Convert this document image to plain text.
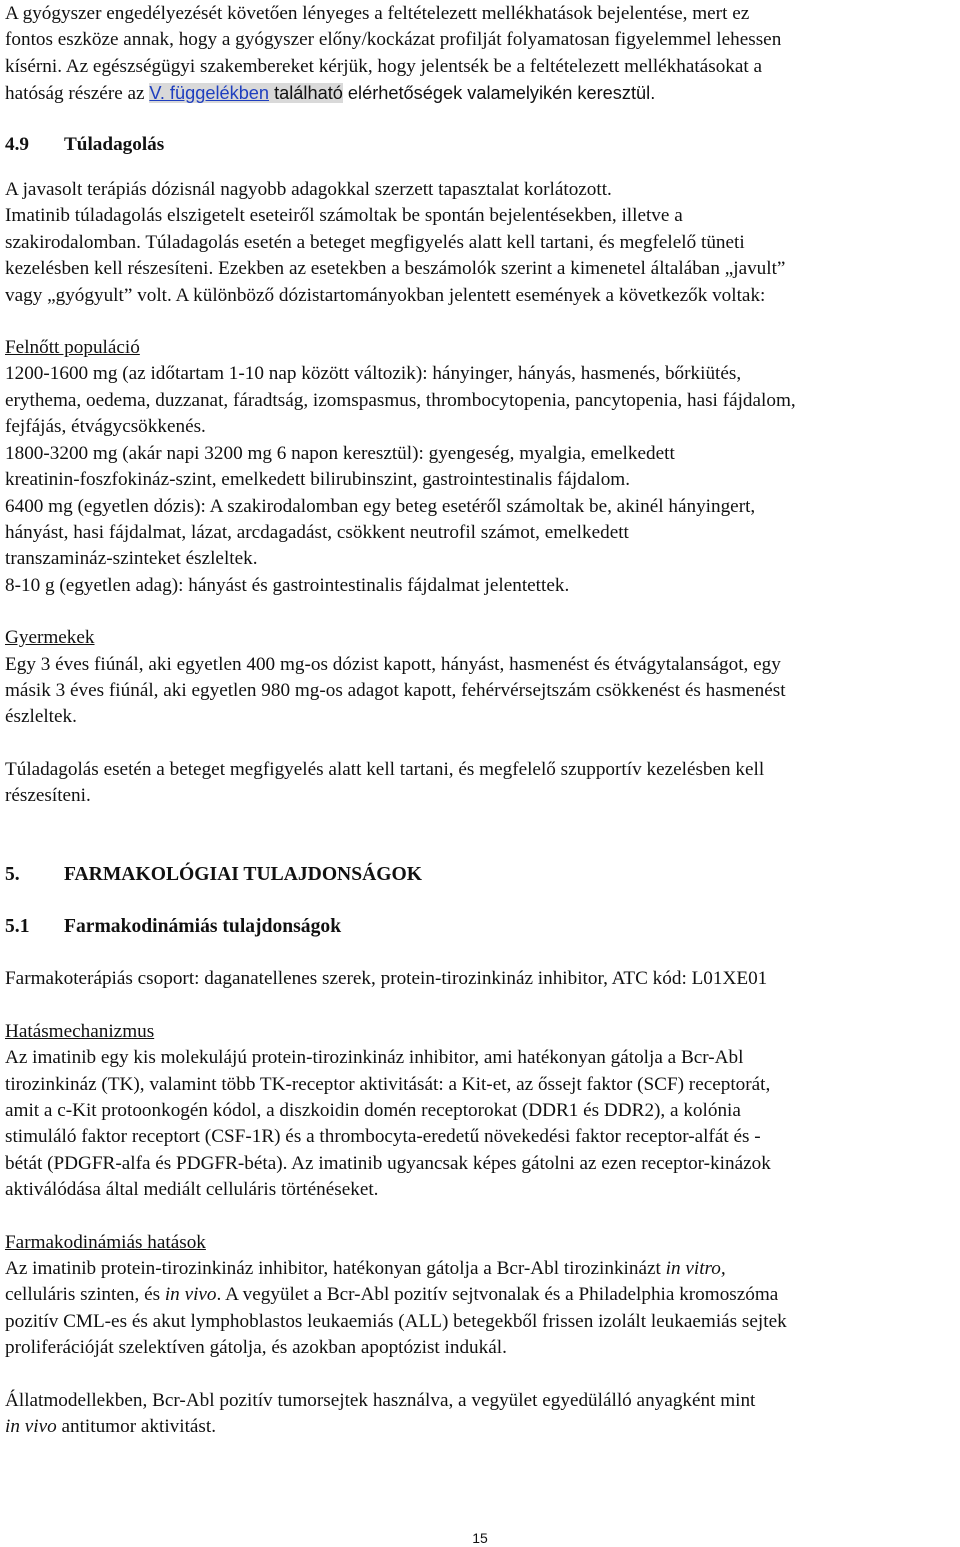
A gyógyszer engedélyezését követően lényeges a feltételezett mellékhatások bejelentése, mert ez
fontos eszköze annak, hogy a gyógyszer előny/kockázat profilját folyamatosan figyelemmel lehessen
kísérni. Az egészségügyi szakembereket kérjük, hogy jelentsék be a feltételezett mellékhatásokat a
hatóság részére az V. függelékben található elérhetőségek valamelyikén keresztül.
4.9	Túladagolás
A javasolt terápiás dózisnál nagyobb adagokkal szerzett tapasztalat korlátozott.
Imatinib túladagolás elszigetelt eseteiről számoltak be spontán bejelentésekben, illetve a
szakirodalomban. Túladagolás esetén a beteget megfigyelés alatt kell tartani, és megfelelő tüneti
kezelésben kell részesíteni. Ezekben az esetekben a beszámolók szerint a kimenetel általában „javult”
vagy „gyógyult” volt. A különböző dózistartományokban jelentett események a következők voltak:
Felnőtt populáció
1200-1600 mg (az időtartam 1-10 nap között változik): hányinger, hányás, hasmenés, bőrkiütés,
erythema, oedema, duzzanat, fáradtság, izomspasmus, thrombocytopenia, pancytopenia, hasi fájdalom,
fejfájás, étvágycsökkenés.
1800-3200 mg (akár napi 3200 mg 6 napon keresztül): gyengeség, myalgia, emelkedett
kreatinin-foszfokináz-szint, emelkedett bilirubinszint, gastrointestinalis fájdalom.
6400 mg (egyetlen dózis): A szakirodalomban egy beteg esetéről számoltak be, akinél hányingert,
hányást, hasi fájdalmat, lázat, arcdagadást, csökkent neutrofil számot, emelkedett
transzamináz-szinteket észleltek.
8-10 g (egyetlen adag): hányást és gastrointestinalis fájdalmat jelentettek.
Gyermekek
Egy 3 éves fiúnál, aki egyetlen 400 mg-os dózist kapott, hányást, hasmenést és étvágytalanságot, egy
másik 3 éves fiúnál, aki egyetlen 980 mg-os adagot kapott, fehérvérsejtszám csökkenést és hasmenést
észleltek.
Túladagolás esetén a beteget megfigyelés alatt kell tartani, és megfelelő szupportív kezelésben kell
részesíteni.
5.	FARMAKOLÓGIAI TULAJDONSÁGOK
5.1	Farmakodinámiás tulajdonságok
Farmakoterápiás csoport: daganatellenes szerek, protein-tirozinkináz inhibitor, ATC kód: L01XE01
Hatásmechanizmus
Az imatinib egy kis molekulájú protein-tirozinkináz inhibitor, ami hatékonyan gátolja a Bcr-Abl
tirozinkináz (TK), valamint több TK-receptor aktivitását: a Kit-et, az őssejt faktor (SCF) receptorát,
amit a c-Kit protoonkogén kódol, a diszkoidin domén receptorokat (DDR1 és DDR2), a kolónia
stimuláló faktor receptort (CSF-1R) és a thrombocyta-eredetű növekedési faktor receptor-alfát és -
bétát (PDGFR-alfa és PDGFR-béta). Az imatinib ugyancsak képes gátolni az ezen receptor-kinázok
aktiválódása által mediált celluláris történéseket.
Farmakodinámiás hatások
Az imatinib protein-tirozinkináz inhibitor, hatékonyan gátolja a Bcr-Abl tirozinkinázt in vitro,
celluláris szinten, és in vivo. A vegyület a Bcr-Abl pozitív sejtvonalak és a Philadelphia kromoszóma
pozitív CML-es és akut lymphoblastos leukaemiás (ALL) betegekből frissen izolált leukaemiás sejtek
proliferációját szelektíven gátolja, és azokban apoptózist indukál.
Állatmodellekben, Bcr-Abl pozitív tumorsejtek használva, a vegyület egyedülálló anyagként mint
in vivo antitumor aktivitást.
15
